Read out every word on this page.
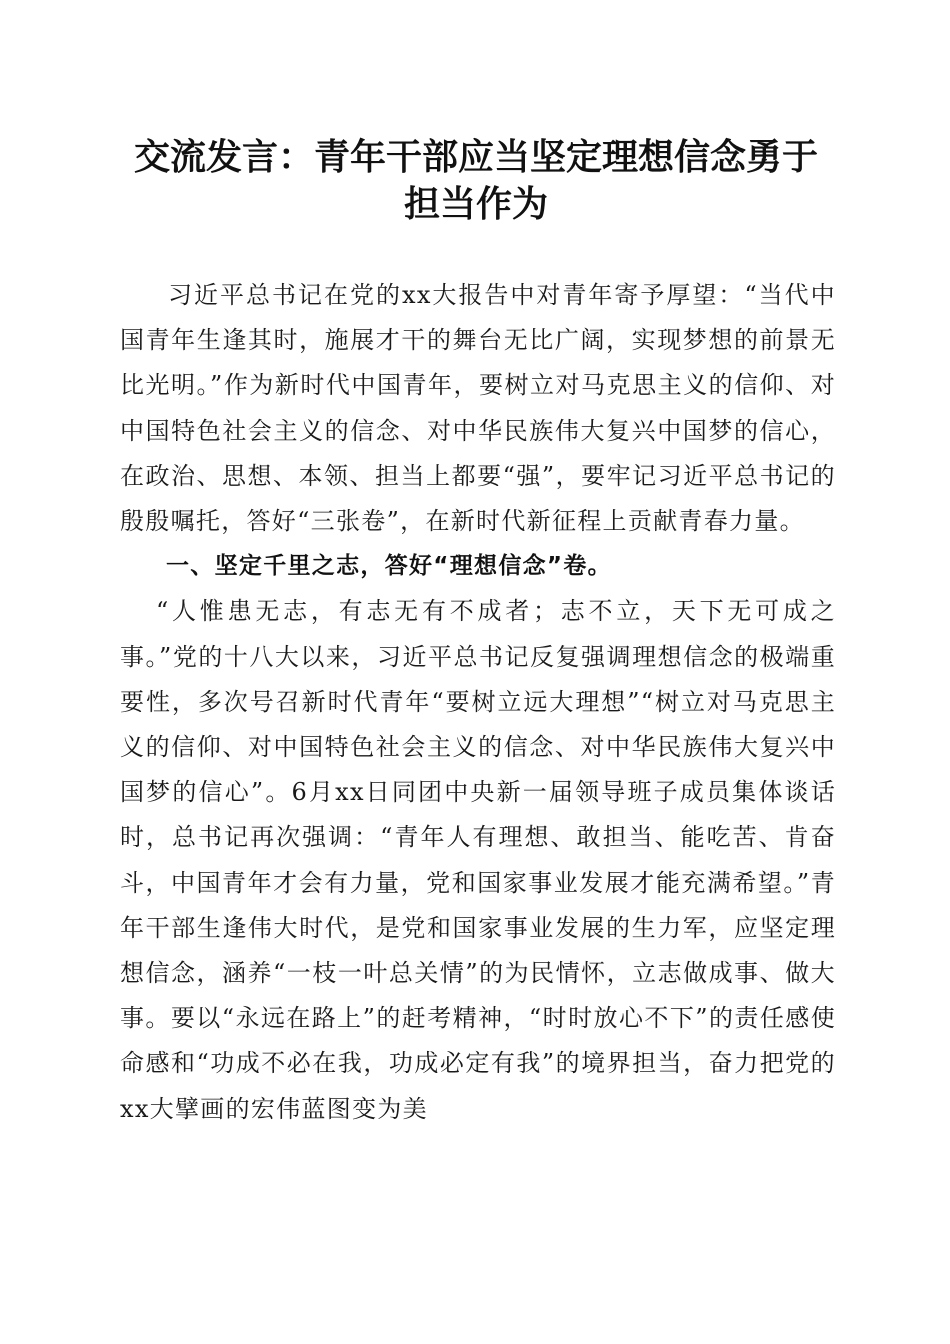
交流发言：青年干部应当坚定理想信念勇于担当作为

习近平总书记在党的xx大报告中对青年寄予厚望：“当代中国青年生逢其时，施展才干的舞台无比广阔，实现梦想的前景无比光明。”作为新时代中国青年，要树立对马克思主义的信仰、对中国特色社会主义的信念、对中华民族伟大复兴中国梦的信心，在政治、思想、本领、担当上都要“强”，要牢记习近平总书记的殷殷嘱托，答好“三张卷”，在新时代新征程上贡献青春力量。

一、坚定千里之志，答好“理想信念”卷。

“人惟患无志，有志无有不成者；志不立，天下无可成之事。”党的十八大以来，习近平总书记反复强调理想信念的极端重要性，多次号召新时代青年“要树立远大理想”“树立对马克思主义的信仰、对中国特色社会主义的信念、对中华民族伟大复兴中国梦的信心”。6月xx日同团中央新一届领导班子成员集体谈话时，总书记再次强调：“青年人有理想、敢担当、能吃苦、肯奋斗，中国青年才会有力量，党和国家事业发展才能充满希望。”青年干部生逢伟大时代，是党和国家事业发展的生力军，应坚定理想信念，涵养“一枝一叶总关情”的为民情怀，立志做成事、做大事。要以“永远在路上”的赶考精神，“时时放心不下”的责任感使命感和“功成不必在我，功成必定有我”的境界担当，奋力把党的xx大擘画的宏伟蓝图变为美
